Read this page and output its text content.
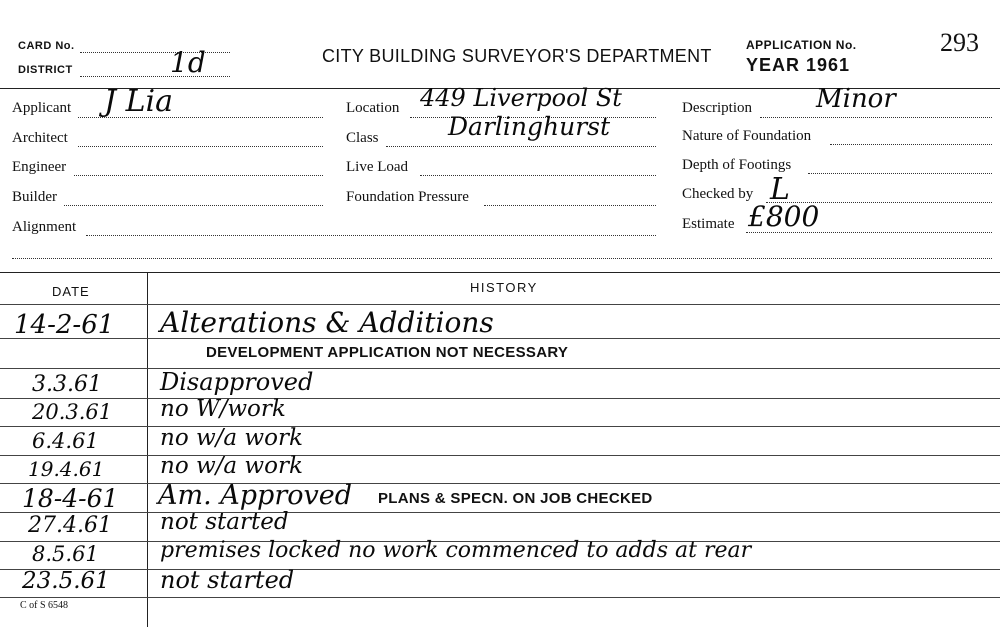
CARD No.
DISTRICT	1d	CITY BUILDING SURVEYOR'S DEPARTMENT
APPLICATION No.
YEAR 1961
293
Applicant J Lia
Architect
Engineer
Builder
Alignment
Location 449 Liverpool St
Class	Darlinghurst
Live Load
Foundation Pressure
Description Minor
Nature of Foundation
Depth of Footings
Checked by L
Estimate £800
DATE	HISTORY
14-2-61 Alterations & Additions
DEVELOPMENT APPLICATION NOT NECESSARY
3.3.61 Disapproved
20.3.61 no W/work
6.4.61	no w/a work
19.4.61 no w/a work
18-4-61 Am. Approved PLANS & SPECN. ON JOB CHECKED
27.4.61 not started
8.5.61	premises locked no work commenced to adds at rear
23.5.61 not started
C of S 6548
